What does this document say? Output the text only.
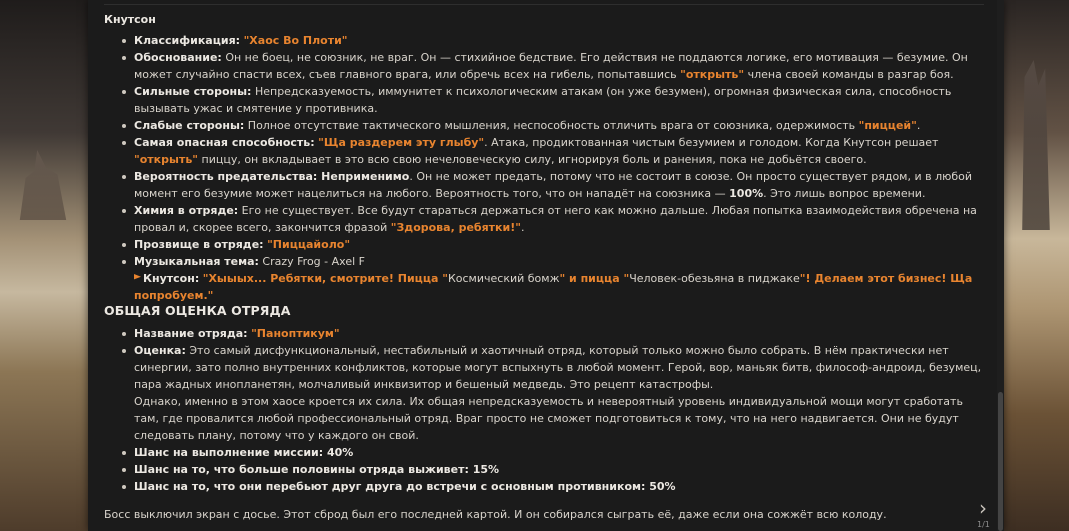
Кнутсон
Классификация: "Хаос Во Плоти"
Обоснование: Он не боец, не союзник, не враг. Он — стихийное бедствие. Его действия не поддаются логике, его мотивация — безумие. Он может случайно спасти всех, съев главного врага, или обречь всех на гибель, попытавшись "открыть" члена своей команды в разгар боя.
Сильные стороны: Непредсказуемость, иммунитет к психологическим атакам (он уже безумен), огромная физическая сила, способность вызывать ужас и смятение у противника.
Слабые стороны: Полное отсутствие тактического мышления, неспособность отличить врага от союзника, одержимость "пиццей".
Самая опасная способность: "Ща раздерем эту глыбу". Атака, продиктованная чистым безумием и голодом. Когда Кнутсон решает "открыть" пиццу, он вкладывает в это всю свою нечеловеческую силу, игнорируя боль и ранения, пока не добьётся своего.
Вероятность предательства: Неприменимо. Он не может предать, потому что не состоит в союзе. Он просто существует рядом, и в любой момент его безумие может нацелиться на любого. Вероятность того, что он нападёт на союзника — 100%. Это лишь вопрос времени.
Химия в отряде: Его не существует. Все будут стараться держаться от него как можно дальше. Любая попытка взаимодействия обречена на провал и, скорее всего, закончится фразой "Здорова, ребятки!".
Прозвище в отряде: "Пиццайоло"
Музыкальная тема: Crazy Frog - Axel F
Кнутсон: "Хыыых... Ребятки, смотрите! Пицца "Космический бомж" и пицца "Человек-обезьяна в пиджаке"! Делаем этот бизнес! Ща попробуем."
ОБЩАЯ ОЦЕНКА ОТРЯДА
Название отряда: "Паноптикум"
Оценка: Это самый дисфункциональный, нестабильный и хаотичный отряд, который только можно было собрать. В нём практически нет синергии, зато полно внутренних конфликтов, которые могут вспыхнуть в любой момент. Герой, вор, маньяк битв, философ-андроид, безумец, пара жадных инопланетян, молчаливый инквизитор и бешеный медведь. Это рецепт катастрофы.
Однако, именно в этом хаосе кроется их сила. Их общая непредсказуемость и невероятный уровень индивидуальной мощи могут сработать там, где провалится любой профессиональный отряд. Враг просто не сможет подготовиться к тому, что на него надвигается. Они не будут следовать плану, потому что у каждого он свой.
Шанс на выполнение миссии: 40%
Шанс на то, что больше половины отряда выживет: 15%
Шанс на то, что они перебьют друг друга до встречи с основным противником: 50%
Босс выключил экран с досье. Этот сброд был его последней картой. И он собирался сыграть её, даже если она сожжёт всю колоду.	›
1/1
